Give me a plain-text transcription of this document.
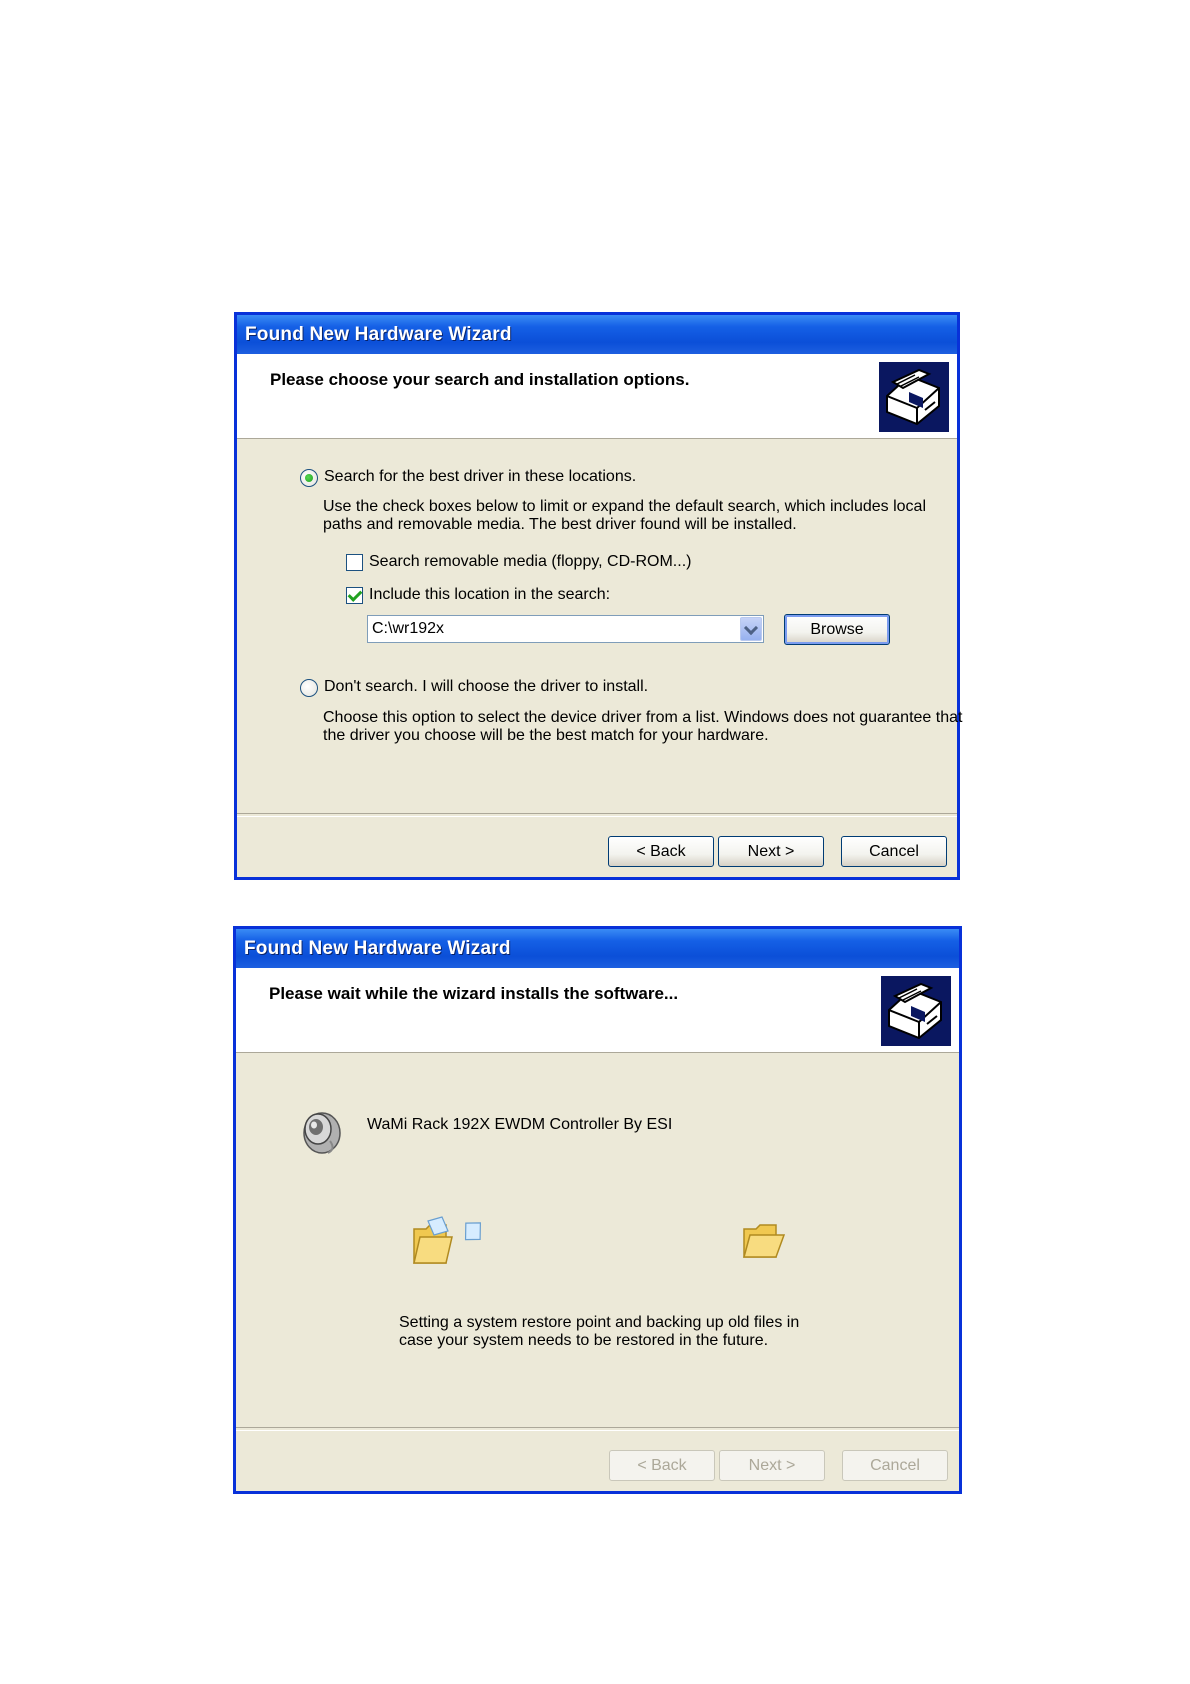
Found New Hardware Wizard
Please choose your search and installation options.
Search for the best driver in these locations.
Use the check boxes below to limit or expand the default search, which includes local
paths and removable media. The best driver found will be installed.
Search removable media (floppy, CD-ROM...)
Include this location in the search:
C:\wr192x	Browse
Don't search. I will choose the driver to install.
Choose this option to select the device driver from a list. Windows does not guarantee that
the driver you choose will be the best match for your hardware.
< Back	Next >	Cancel
Found New Hardware Wizard
Please wait while the wizard installs the software...
WaMi Rack 192X EWDM Controller By ESI
Setting a system restore point and backing up old files in
case your system needs to be restored in the future.
< Back	Next >	Cancel
